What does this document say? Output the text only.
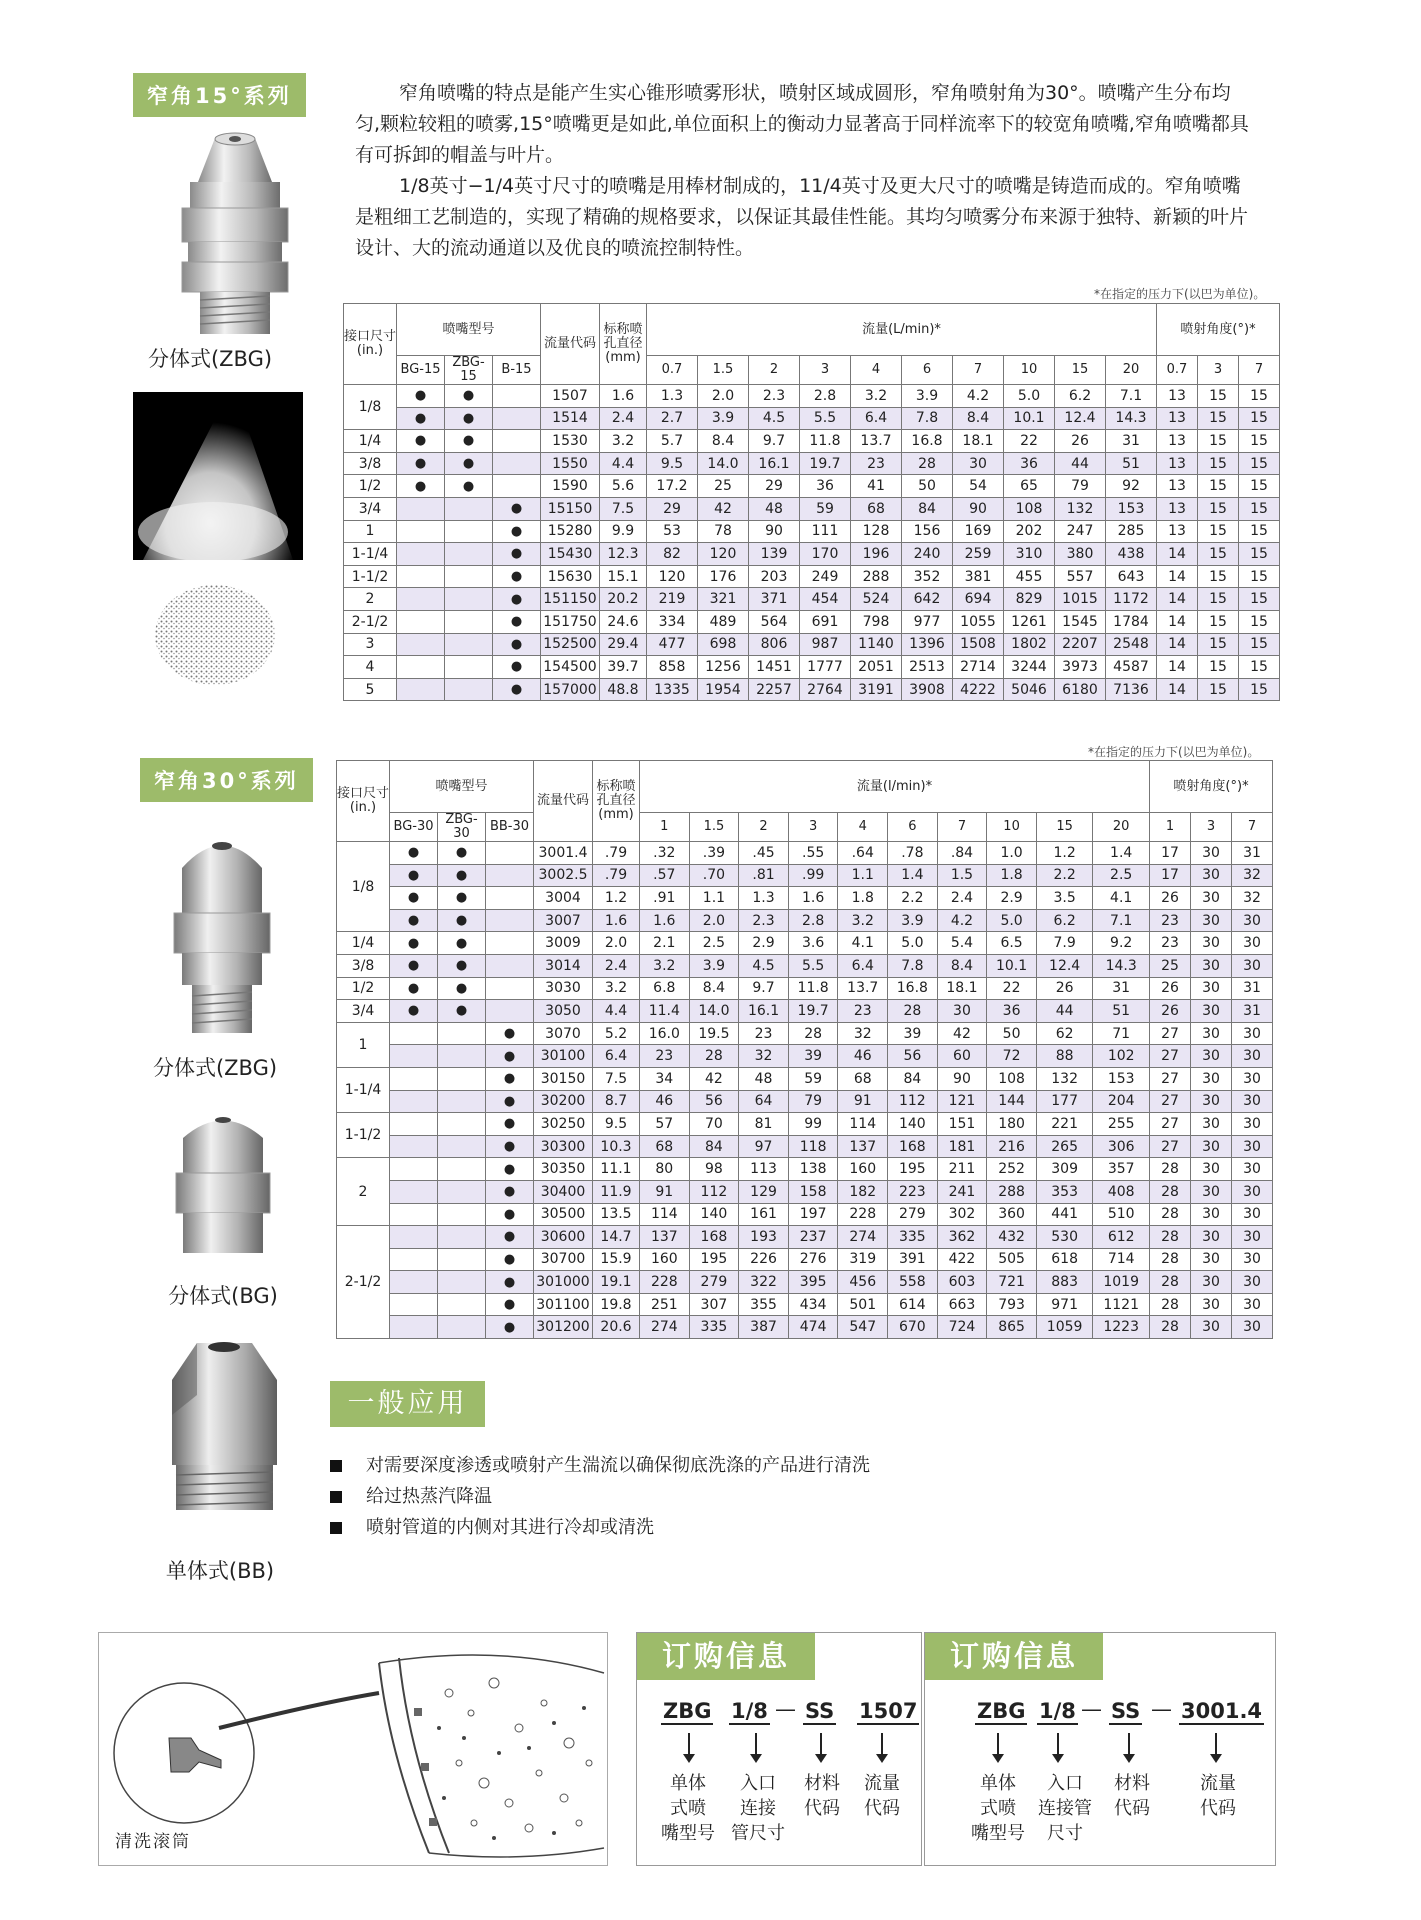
窄角15°系列
分体式(ZBG)

窄角喷嘴的特点是能产生实心锥形喷雾形状，喷射区域成圆形，窄角喷射角为30°。喷嘴产生分布均匀,颗粒较粗的喷雾,15°喷嘴更是如此,单位面积上的衡动力显著高于同样流率下的较宽角喷嘴,窄角喷嘴都具有可拆卸的帽盖与叶片。

1/8英寸−1/4英寸尺寸的喷嘴是用棒材制成的，11/4英寸及更大尺寸的喷嘴是铸造而成的。窄角喷嘴是粗细工艺制造的，实现了精确的规格要求，以保证其最佳性能。其均匀喷雾分布来源于独特、新颖的叶片设计、大的流动通道以及优良的喷流控制特性。

*在指定的压力下(以巴为单位)。
接口尺寸(in.)	喷嘴型号			流量代码	标称喷孔直径(mm)	流量(L/min)*										喷射角度(°)*		
	BG-15	ZBG-15	B-15			0.7	1.5	2	3	4	6	7	10	15	20	0.7	3	7
1/8	●	●		1507	1.6	1.3	2.0	2.3	2.8	3.2	3.9	4.2	5.0	6.2	7.1	13	15	15
	●	●		1514	2.4	2.7	3.9	4.5	5.5	6.4	7.8	8.4	10.1	12.4	14.3	13	15	15
1/4	●	●		1530	3.2	5.7	8.4	9.7	11.8	13.7	16.8	18.1	22	26	31	13	15	15
3/8	●	●		1550	4.4	9.5	14.0	16.1	19.7	23	28	30	36	44	51	13	15	15
1/2	●	●		1590	5.6	17.2	25	29	36	41	50	54	65	79	92	13	15	15
3/4			●	15150	7.5	29	42	48	59	68	84	90	108	132	153	13	15	15
1			●	15280	9.9	53	78	90	111	128	156	169	202	247	285	13	15	15
1-1/4			●	15430	12.3	82	120	139	170	196	240	259	310	380	438	14	15	15
1-1/2			●	15630	15.1	120	176	203	249	288	352	381	455	557	643	14	15	15
2			●	151150	20.2	219	321	371	454	524	642	694	829	1015	1172	14	15	15
2-1/2			●	151750	24.6	334	489	564	691	798	977	1055	1261	1545	1784	14	15	15
3			●	152500	29.4	477	698	806	987	1140	1396	1508	1802	2207	2548	14	15	15
4			●	154500	39.7	858	1256	1451	1777	2051	2513	2714	3244	3973	4587	14	15	15
5			●	157000	48.8	1335	1954	2257	2764	3191	3908	4222	5046	6180	7136	14	15	15
窄角30°系列
分体式(ZBG)
分体式(BG)
单体式(BB)
*在指定的压力下(以巴为单位)。
接口尺寸(in.)	喷嘴型号			流量代码	标称喷孔直径(mm)	流量(l/min)*										喷射角度(°)*		
	BG-30	ZBG-30	BB-30			1	1.5	2	3	4	6	7	10	15	20	1	3	7
1/8	●	●		3001.4	.79	.32	.39	.45	.55	.64	.78	.84	1.0	1.2	1.4	17	30	31
	●	●		3002.5	.79	.57	.70	.81	.99	1.1	1.4	1.5	1.8	2.2	2.5	17	30	32
	●	●		3004	1.2	.91	1.1	1.3	1.6	1.8	2.2	2.4	2.9	3.5	4.1	26	30	32
	●	●		3007	1.6	1.6	2.0	2.3	2.8	3.2	3.9	4.2	5.0	6.2	7.1	23	30	30
1/4	●	●		3009	2.0	2.1	2.5	2.9	3.6	4.1	5.0	5.4	6.5	7.9	9.2	23	30	30
3/8	●	●		3014	2.4	3.2	3.9	4.5	5.5	6.4	7.8	8.4	10.1	12.4	14.3	25	30	30
1/2	●	●		3030	3.2	6.8	8.4	9.7	11.8	13.7	16.8	18.1	22	26	31	26	30	31
3/4	●	●		3050	4.4	11.4	14.0	16.1	19.7	23	28	30	36	44	51	26	30	31
1			●	3070	5.2	16.0	19.5	23	28	32	39	42	50	62	71	27	30	30
			●	30100	6.4	23	28	32	39	46	56	60	72	88	102	27	30	30
1-1/4			●	30150	7.5	34	42	48	59	68	84	90	108	132	153	27	30	30
			●	30200	8.7	46	56	64	79	91	112	121	144	177	204	27	30	30
1-1/2			●	30250	9.5	57	70	81	99	114	140	151	180	221	255	27	30	30
			●	30300	10.3	68	84	97	118	137	168	181	216	265	306	27	30	30
2			●	30350	11.1	80	98	113	138	160	195	211	252	309	357	28	30	30
			●	30400	11.9	91	112	129	158	182	223	241	288	353	408	28	30	30
			●	30500	13.5	114	140	161	197	228	279	302	360	441	510	28	30	30
2-1/2			●	30600	14.7	137	168	193	237	274	335	362	432	530	612	28	30	30
			●	30700	15.9	160	195	226	276	319	391	422	505	618	714	28	30	30
			●	301000	19.1	228	279	322	395	456	558	603	721	883	1019	28	30	30
			●	301100	19.8	251	307	355	434	501	614	663	793	971	1121	28	30	30
			●	301200	20.6	274	335	387	474	547	670	724	865	1059	1223	28	30	30
一般应用
对需要深度渗透或喷射产生湍流以确保彻底洗涤的产品进行清洗
给过热蒸汽降温
喷射管道的内侧对其进行冷却或清洗
清洗滚筒
订购信息
ZBG 1/8 — SS 1507
单体
式喷
嘴型号
入口
连接
管尺寸
材料
代码
流量
代码
订购信息
ZBG 1/8 — SS — 3001.4
单体
式喷
嘴型号
入口
连接管
尺寸
材料
代码
流量
代码
